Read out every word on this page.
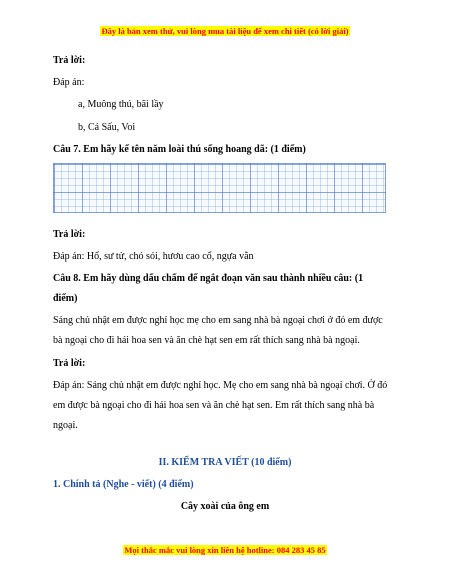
Đây là bản xem thử, vui lòng mua tài liệu để xem chi tiết (có lời giải)
Trả lời:
Đáp án:
a, Muông thú, bãi lầy
b, Cá Sấu, Voi
Câu 7. Em hãy kể tên năm loài thú sống hoang dã: (1 điểm)
Trả lời:
Đáp án: Hổ, sư tử, chó sói, hươu cao cổ, ngựa vằn
Câu 8. Em hãy dùng dấu chấm để ngắt đoạn văn sau thành nhiều câu: (1
điểm)
Sáng chủ nhật em được nghỉ học mẹ cho em sang nhà bà ngoại chơi ở đó em được
bà ngoại cho đi hái hoa sen và ăn chè hạt sen em rất thích sang nhà bà ngoại.
Trả lời:
Đáp án: Sáng chủ nhật em được nghỉ học. Mẹ cho em sang nhà bà ngoại chơi. Ở đó
em được bà ngoại cho đi hái hoa sen và ăn chè hạt sen. Em rất thích sang nhà bà
ngoại.
II. KIỂM TRA VIẾT (10 điểm)
1. Chính tả (Nghe - viết) (4 điểm)
Cây xoài của ông em
Mọi thắc mắc vui lòng xin liên hệ hotline: 084 283 45 85
